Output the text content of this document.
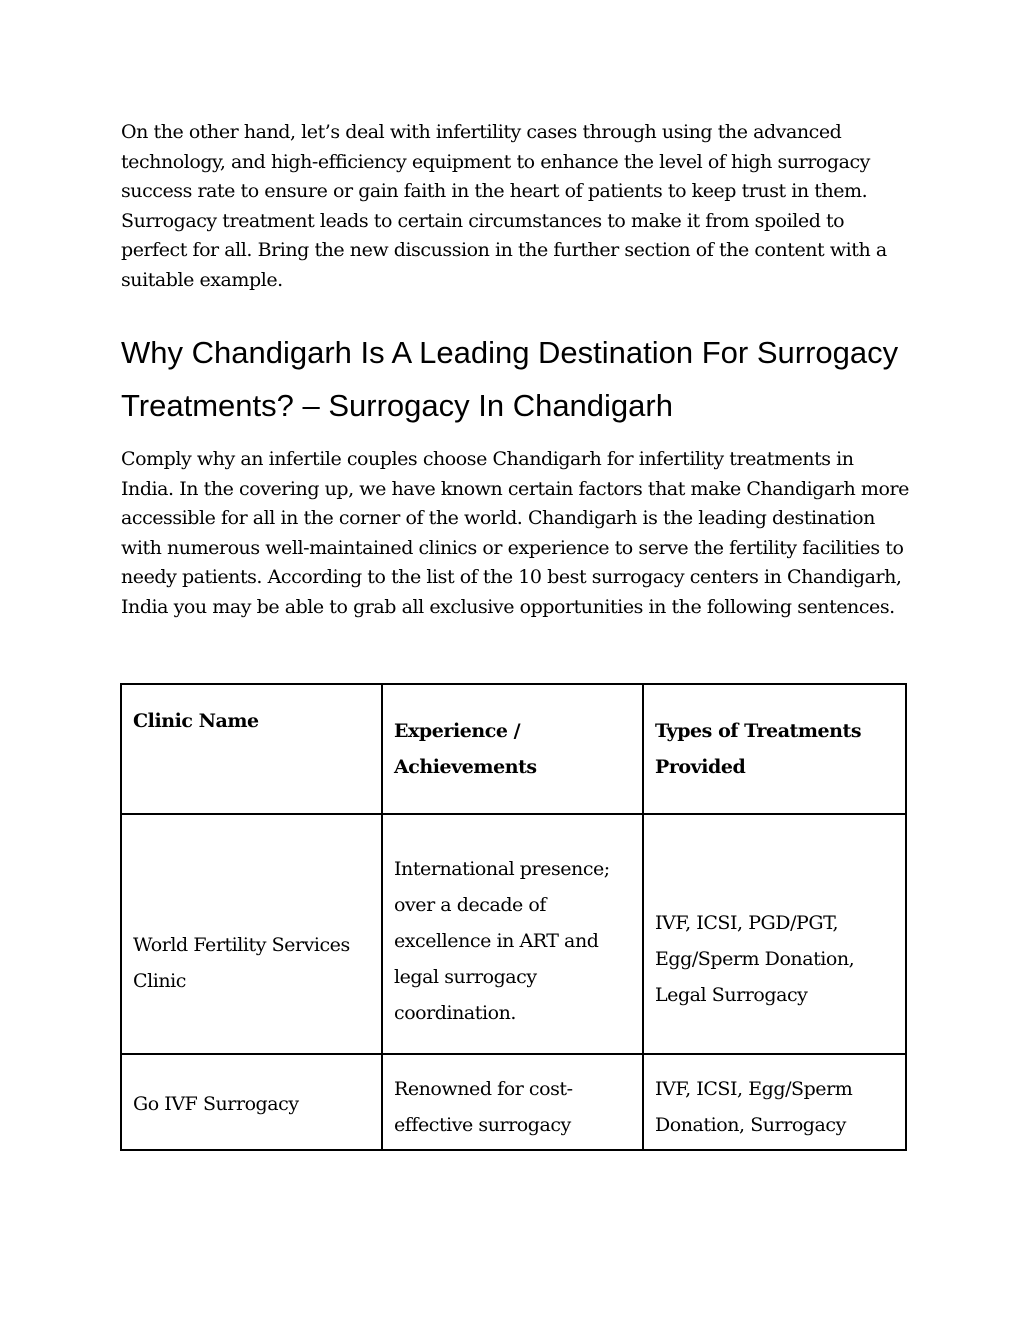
On the other hand, let’s deal with infertility cases through using the advanced technology, and high-efficiency equipment to enhance the level of high surrogacy success rate to ensure or gain faith in the heart of patients to keep trust in them. Surrogacy treatment leads to certain circumstances to make it from spoiled to perfect for all. Bring the new discussion in the further section of the content with a suitable example.

Why Chandigarh Is A Leading Destination For Surrogacy Treatments? – Surrogacy In Chandigarh

Comply why an infertile couples choose Chandigarh for infertility treatments in India. In the covering up, we have known certain factors that make Chandigarh more accessible for all in the corner of the world. Chandigarh is the leading destination with numerous well-maintained clinics or experience to serve the fertility facilities to needy patients. According to the list of the 10 best surrogacy centers in Chandigarh, India you may be able to grab all exclusive opportunities in the following sentences.

Clinic Name	Experience / Achievements	Types of Treatments Provided

World Fertility Services Clinic	International presence; over a decade of excellence in ART and legal surrogacy coordination.	IVF, ICSI, PGD/PGT, Egg/Sperm Donation, Legal Surrogacy

Go IVF Surrogacy	Renowned for cost-effective surrogacy	IVF, ICSI, Egg/Sperm Donation, Surrogacy
